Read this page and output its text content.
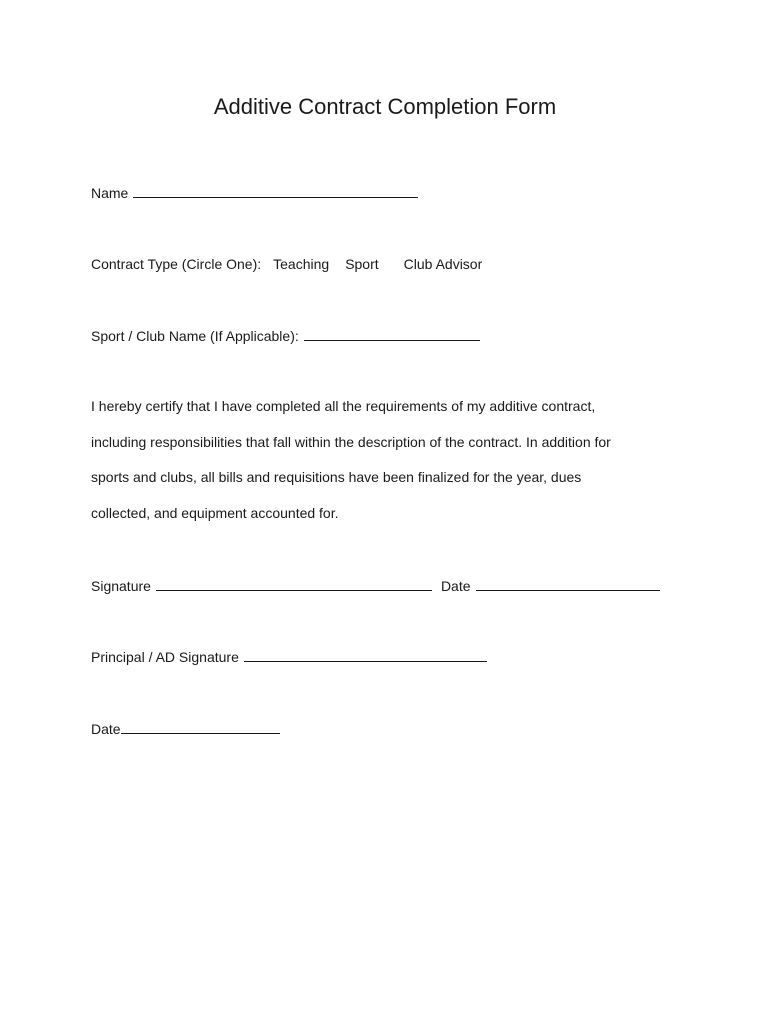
Additive Contract Completion Form
Name
Contract Type (Circle One): Teaching Sport Club Advisor
Sport / Club Name (If Applicable):
I hereby certify that I have completed all the requirements of my additive contract,
including responsibilities that fall within the description of the contract. In addition for
sports and clubs, all bills and requisitions have been finalized for the year, dues
collected, and equipment accounted for.
Signature	Date
Principal / AD Signature
Date
